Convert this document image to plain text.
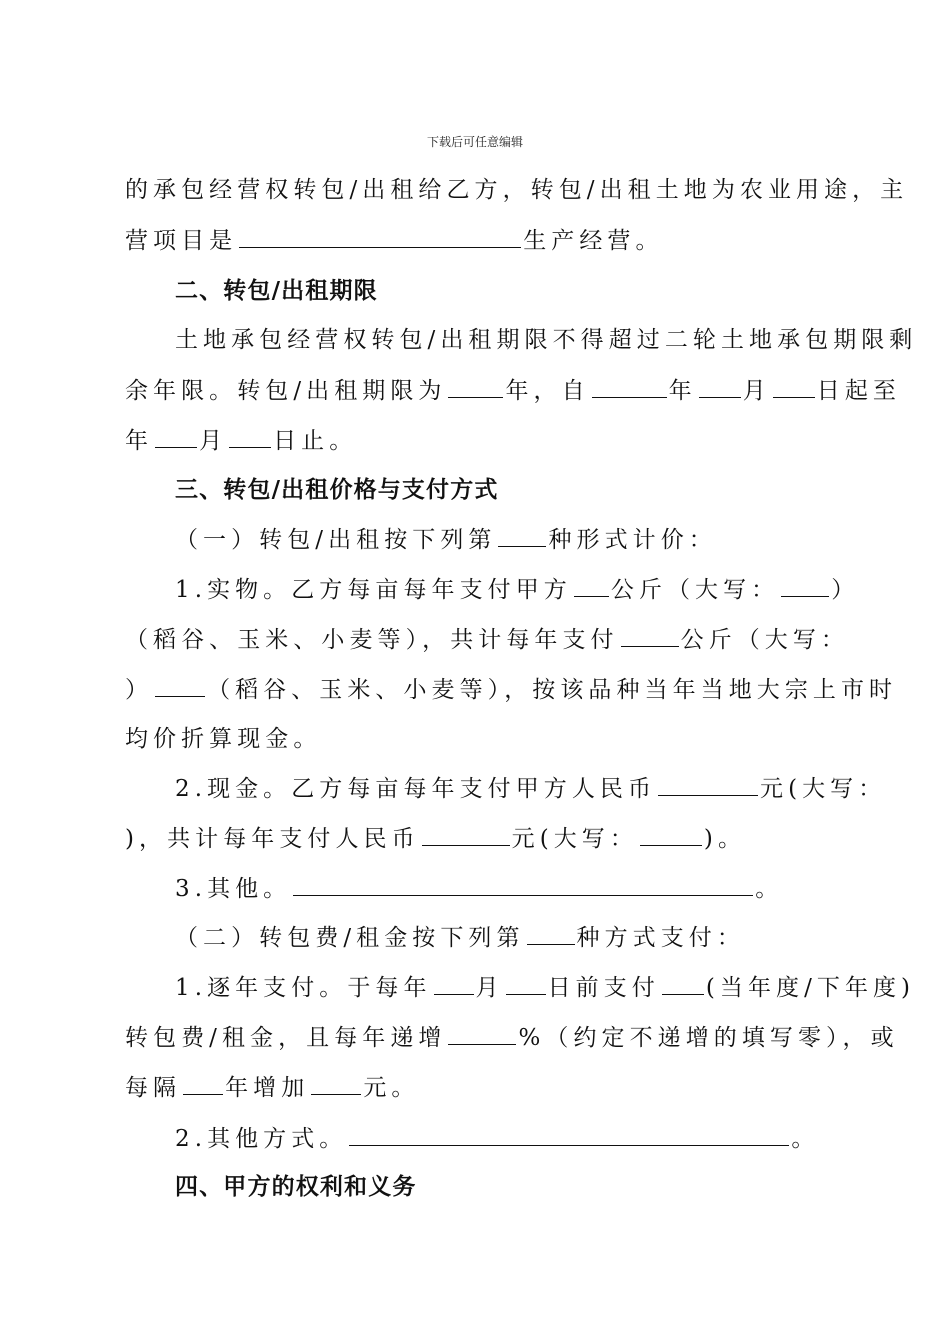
下载后可任意编辑
的承包经营权转包/出租给乙方，转包/出租土地为农业用途，主
营项目是	生产经营。
二、转包/出租期限
土地承包经营权转包/出租期限不得超过二轮土地承包期限剩
余年限。转包/出租期限为	年，自	年 月 日起至
年 月 日止。
三、转包/出租价格与支付方式
（一）转包/出租按下列第 种形式计价：
1.实物。乙方每亩每年支付甲方 公斤（大写： ）
（稻谷、玉米、小麦等），共计每年支付	公斤（大写：
） （稻谷、玉米、小麦等），按该品种当年当地大宗上市时
均价折算现金。
2.现金。乙方每亩每年支付甲方人民币	元(大写：
)，共计每年支付人民币	元(大写：	)。
3.其他。	。
（二）转包费/租金按下列第 种方式支付：
1.逐年支付。于每年 月 日前支付 (当年度/下年度)
转包费/租金，且每年递增	%（约定不递增的填写零），或
每隔 年增加 元。
2.其他方式。	。
四、甲方的权利和义务
